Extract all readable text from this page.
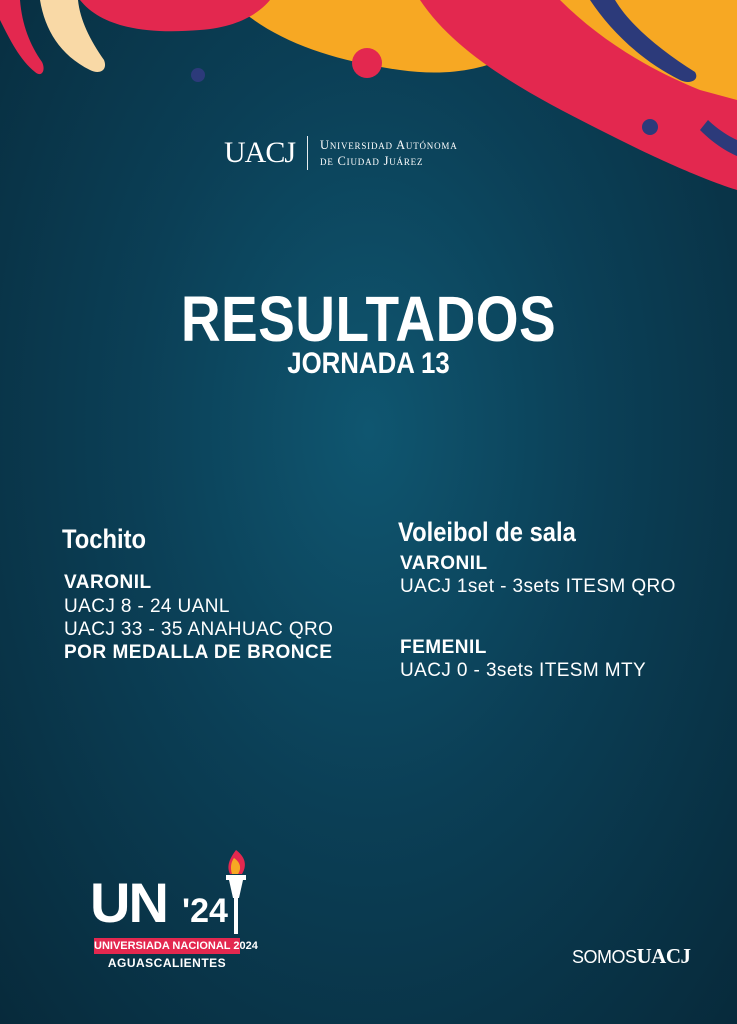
UACJ Universidad Autónoma
de Ciudad Juárez
RESULTADOS
JORNADA 13
Tochito
VARONIL
UACJ 8 - 24 UANL
UACJ 33 - 35 ANAHUAC QRO
POR MEDALLA DE BRONCE
Voleibol de sala
VARONIL
UACJ 1set - 3sets ITESM QRO
FEMENIL
UACJ 0 - 3sets ITESM MTY
UN '24
UNIVERSIADA NACIONAL 2024
AGUASCALIENTES	SOMOSUACJ
